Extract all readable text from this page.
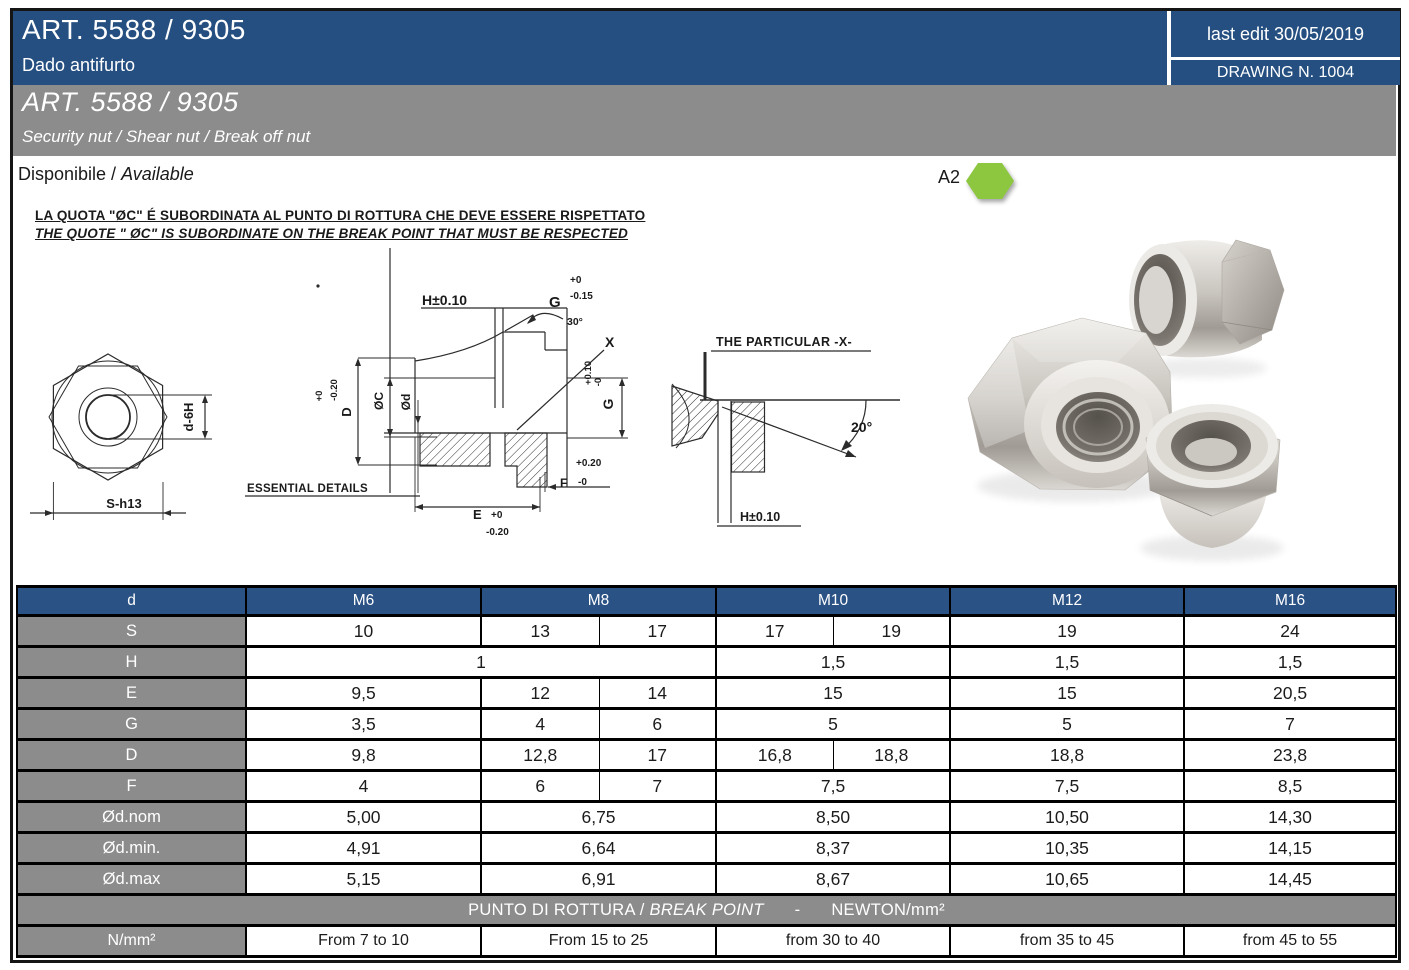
ART. 5588 / 9305
Dado antifurto
last edit 30/05/2019
DRAWING N. 1004
ART. 5588 / 9305
Security nut / Shear nut / Break off nut
Disponibile / Available	A2
LA QUOTA "ØC" É SUBORDINATA AL PUNTO DI ROTTURA CHE DEVE ESSERE RISPETTATO
THE QUOTE " ØC" IS SUBORDINATE ON THE BREAK POINT THAT MUST BE RESPECTED
S-h13
d-6H
H±0.10	G
+0
-0.15
30°
X
+0 -0.20
D
ØC Ød
+0.10 -0
G
+0.20
F -0
E +0
-0.20
ESSENTIAL DETAILS
THE PARTICULAR -X-
20°
H±0.10
d	M6	M8		M10		M12	M16
S	10	13	17	17	19	19	24
H	1			1,5		1,5	1,5
E	9,5	12	14	15		15	20,5
G	3,5	4	6	5		5	7
D	9,8	12,8	17	16,8	18,8	18,8	23,8
F	4	6	7	7,5		7,5	8,5
Ød.nom	5,00	6,75		8,50		10,50	14,30
Ød.min.	4,91	6,64		8,37		10,35	14,15
Ød.max	5,15	6,91		8,67		10,65	14,45
PUNTO DI ROTTURA / BREAK POINT - NEWTON/mm²							
N/mm²	From 7 to 10	From 15 to 25		from 30 to 40		from 35 to 45	from 45 to 55
